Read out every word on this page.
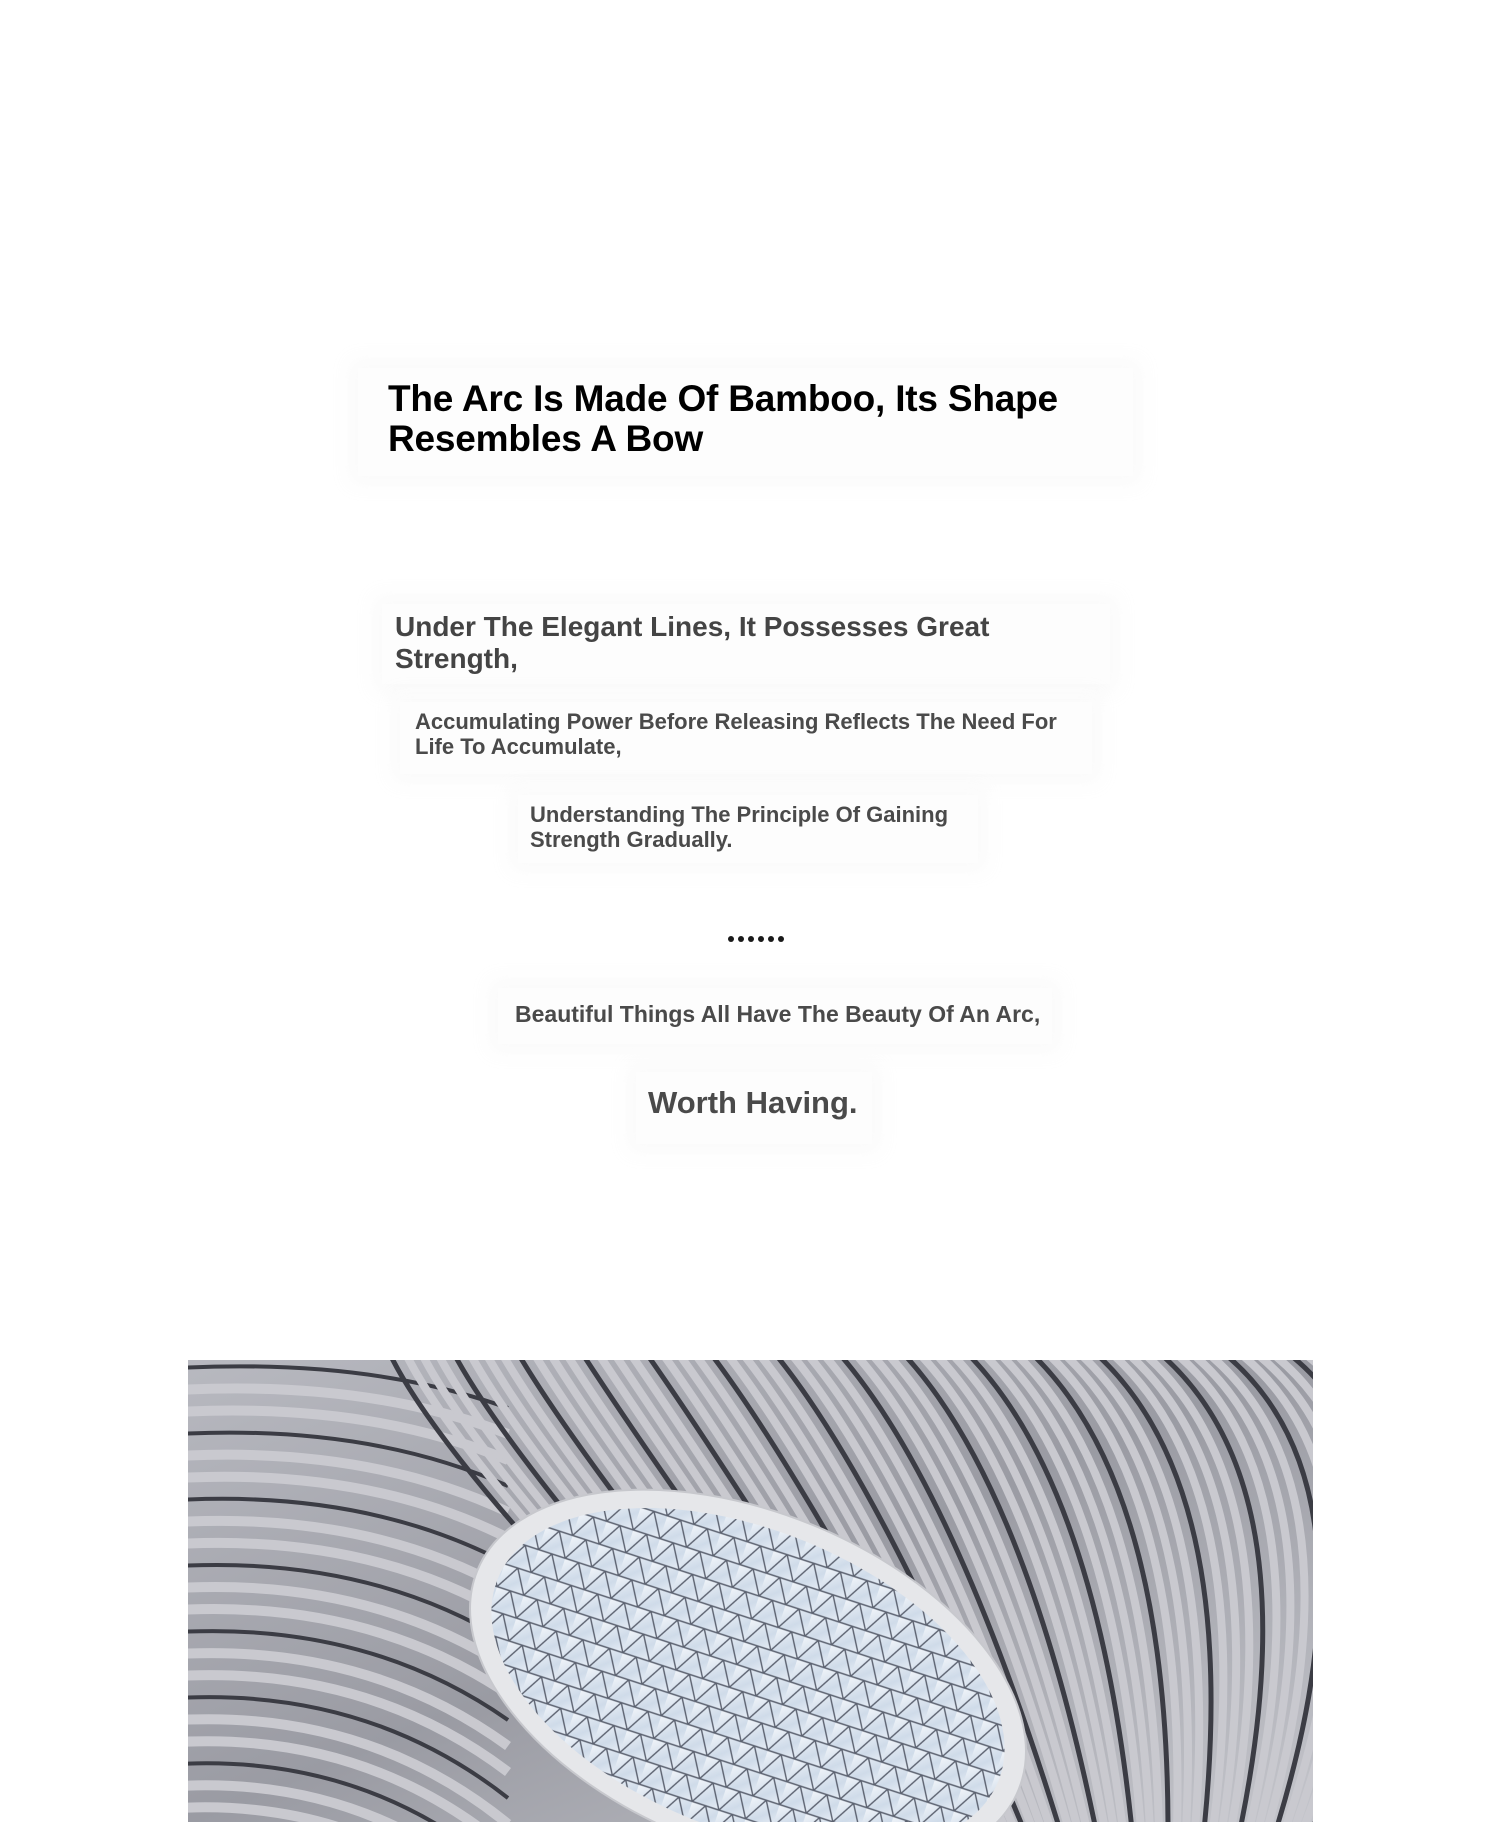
The Arc Is Made Of Bamboo, Its Shape
Resembles A Bow
Under The Elegant Lines, It Possesses Great
Strength,
Accumulating Power Before Releasing Reflects The Need For
Life To Accumulate,
Understanding The Principle Of Gaining
Strength Gradually.
Beautiful Things All Have The Beauty Of An Arc,
Worth Having.
